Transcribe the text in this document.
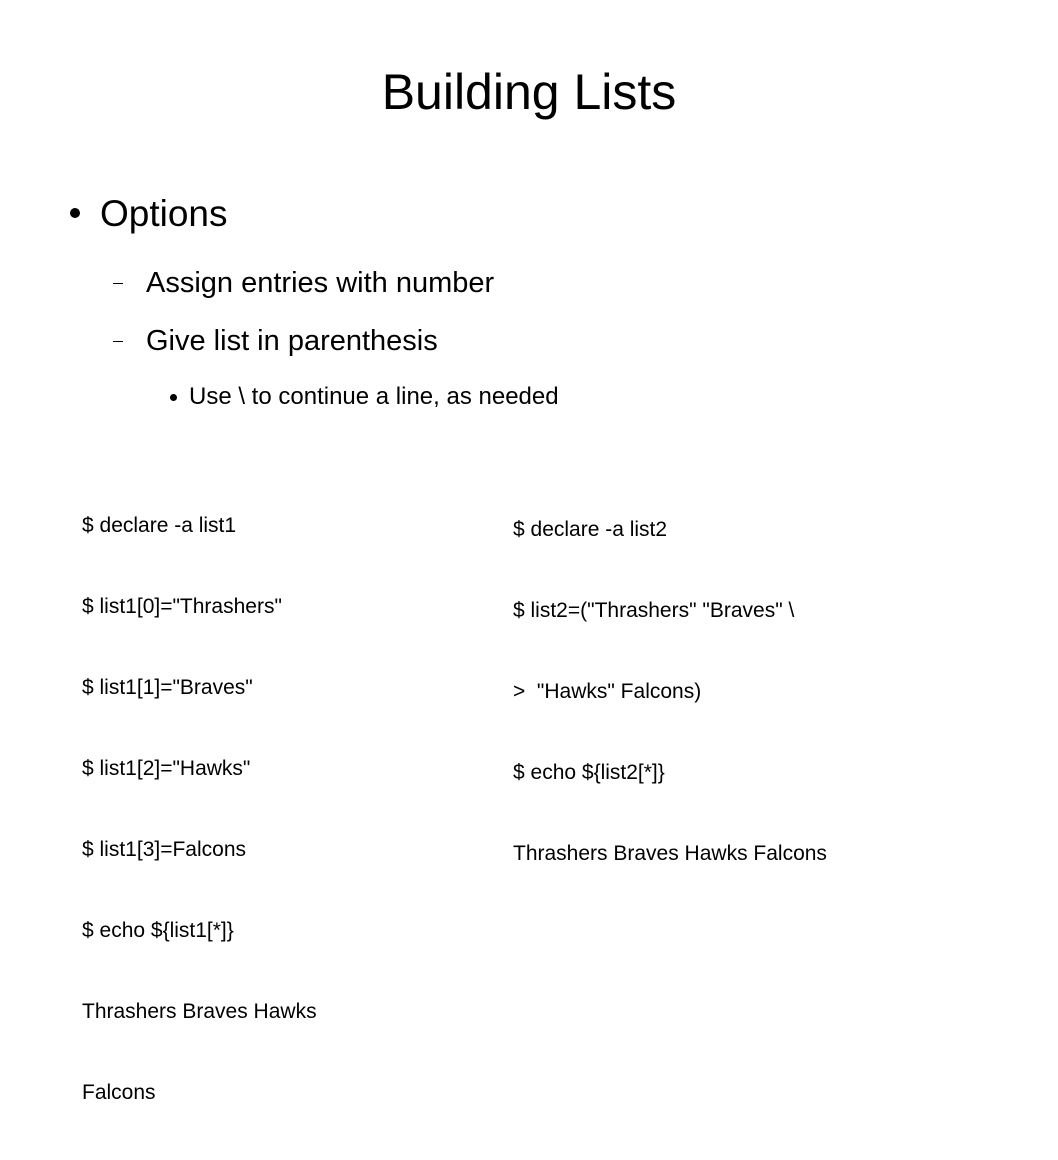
Building Lists
Options
Assign entries with number
Give list in parenthesis
Use \ to continue a line, as needed

$ declare -a list1

$ list1[0]="Thrashers"

$ list1[1]="Braves"

$ list1[2]="Hawks"

$ list1[3]=Falcons

$ echo ${list1[*]}

Thrashers Braves Hawks

Falcons

$ declare -a list2

$ list2=("Thrashers" "Braves" \

>  "Hawks" Falcons)

$ echo ${list2[*]}

Thrashers Braves Hawks Falcons
